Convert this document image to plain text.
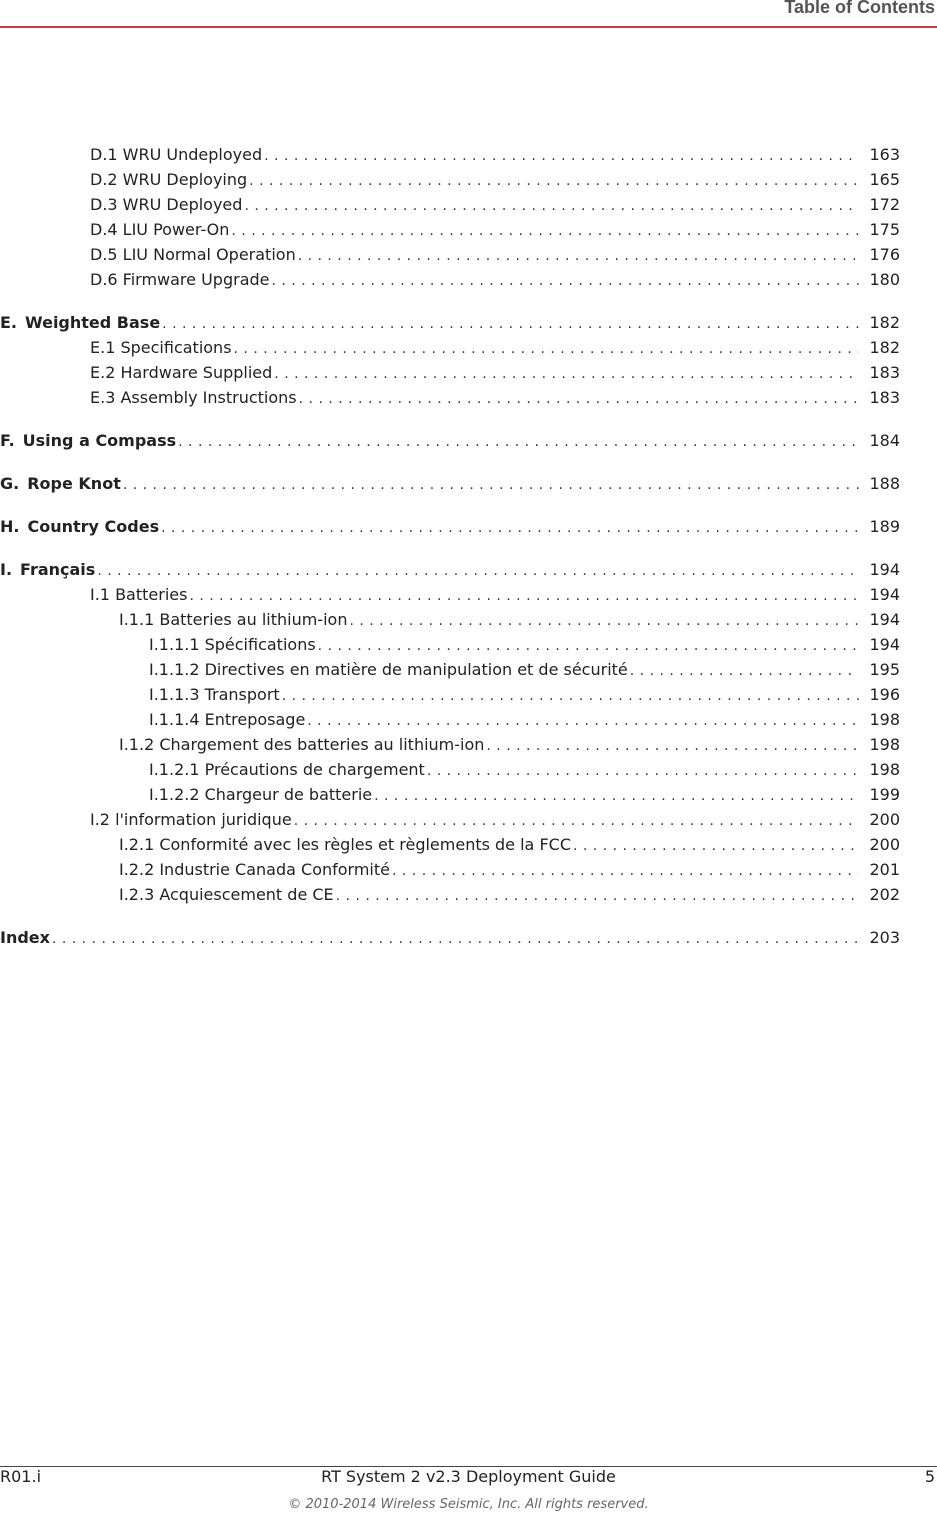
Table of Contents
D.1 WRU Undeployed . . .	163
D.2 WRU Deploying . . .	165
D.3 WRU Deployed . . .	172
D.4 LIU Power-On . . .	175
D.5 LIU Normal Operation . . .	176
D.6 Firmware Upgrade . . .	180
E. Weighted Base . . .	182
E.1 Specifications . . .	182
E.2 Hardware Supplied . . .	183
E.3 Assembly Instructions . . .	183
F. Using a Compass . . .	184
G. Rope Knot . . .	188
H. Country Codes . . .	189
I. Français . . .	194
I.1 Batteries . . .	194
I.1.1 Batteries au lithium-ion . . .	194
I.1.1.1 Spécifications . . .	194
I.1.1.2 Directives en matière de manipulation et de sécurité . . .	195
I.1.1.3 Transport . . .	196
I.1.1.4 Entreposage . . .	198
I.1.2 Chargement des batteries au lithium-ion . . .	198
I.1.2.1 Précautions de chargement . . .	198
I.1.2.2 Chargeur de batterie . . .	199
I.2 l'information juridique . . .	200
I.2.1 Conformité avec les règles et règlements de la FCC . . .	200
I.2.2 Industrie Canada Conformité . . .	201
I.2.3 Acquiescement de CE . . .	202
Index . . .	203
R01.i	RT System 2 v2.3 Deployment Guide	5
© 2010-2014 Wireless Seismic, Inc. All rights reserved.
